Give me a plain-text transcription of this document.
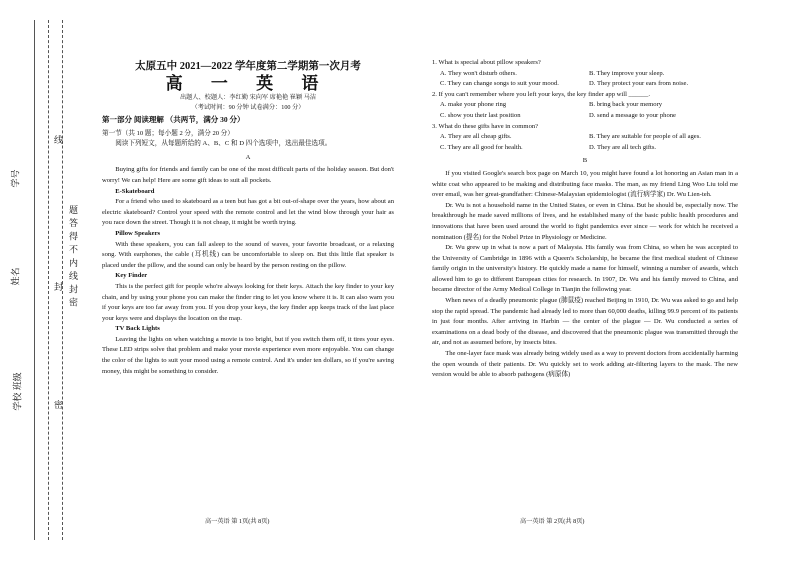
学号
姓名
学校 班级
线
封
密
题 答 得 不 内 线 封 密
太原五中 2021—2022 学年度第二学期第一次月考
高 一 英 语
出题人、校题人：李红勤 宋向军 席艳艳 崔颖 马洁
（考试时间：90 分钟 试卷满分：100 分）
第一部分 阅读理解 （共两节，满分 30 分）

第一节（共 10 题；每小题 2 分，满分 20 分）

阅读下列短文，从每题所给的 A、B、C 和 D 四个选项中，选出最佳选项。

A

Buying gifts for friends and family can be one of the most difficult parts of the holiday season. But don't worry! We can help! Here are some gift ideas to suit all pockets.

E-Skateboard

For a friend who used to skateboard as a teen but has got a bit out-of-shape over the years, how about an electric skateboard? Control your speed with the remote control and let the wind blow through your hair as you race down the street. Though it is not cheap, it might be worth trying.

Pillow Speakers

With these speakers, you can fall asleep to the sound of waves, your favorite broadcast, or a relaxing song. With earphones, the cable (耳机线) can be uncomfortable to sleep on. But this little flat speaker is placed under the pillow, and the sound can only be heard by the person resting on the pillow.

Key Finder

This is the perfect gift for people who're always looking for their keys. Attach the key finder to your key chain, and by using your phone you can make the finder ring to let you know where it is. It can also warn you if your keys are too far away from you. If you drop your keys, the key finder app keeps track of the last place your keys were and displays the location on the map.

TV Back Lights

Leaving the lights on when watching a movie is too bright, but if you switch them off, it tires your eyes. These LED strips solve that problem and make your movie experience even more enjoyable. You can change the color of the lights to suit your mood using a remote control. And it's under ten dollars, so if you're saving money, this might be something to consider.

高一英语 第 1页(共 8页)

1. What is special about pillow speakers?

A. They won't disturb others.	B. They improve your sleep.
C. They can change songs to suit your mood.	D. They protect your ears from noise.

2. If you can't remember where you left your keys, the key finder app will ______.

A. make your phone ring	B. bring back your memory
C. show you their last position	D. send a message to your phone

3. What do these gifts have in common?

A. They are all cheap gifts.	B. They are suitable for people of all ages.
C. They are all good for health.	D. They are all tech gifts.
B

If you visited Google's search box page on March 10, you might have found a lot honoring an Asian man in a white coat who appeared to be making and distributing face masks. The man, as my friend Ling Woo Liu told me over email, was her great-grandfather: Chinese-Malaysian epidemiologist (流行病学家) Dr. Wu Lien-teh.

Dr. Wu is not a household name in the United States, or even in China. But he should be, especially now. The breakthrough he made saved millions of lives, and he established many of the basic public health procedures and innovations that have been used around the world to fight pandemics ever since — work for which he received a nomination (提名) for the Nobel Prize in Physiology or Medicine.

Dr. Wu grew up in what is now a part of Malaysia. His family was from China, so when he was accepted to the University of Cambridge in 1896 with a Queen's Scholarship, he became the first medical student of Chinese family origin in the university's history. He quickly made a name for himself, winning a number of awards, which allowed him to go to different European cities for research. In 1907, Dr. Wu and his family moved to China, and became director of the Army Medical College in Tianjin the following year.

When news of a deadly pneumonic plague (肺鼠疫) reached Beijing in 1910, Dr. Wu was asked to go and help stop the rapid spread. The pandemic had already led to more than 60,000 deaths, killing 99.9 percent of its patients in just four months. After arriving in Harbin — the center of the plague — Dr. Wu conducted a series of examinations on a dead body of the disease, and discovered that the pneumonic plague was transmitted through the air, and not as assumed before, by insects bites.

The one-layer face mask was already being widely used as a way to prevent doctors from accidentally harming the open wounds of their patients. Dr. Wu quickly set to work adding air-filtering layers to the mask. The new version would be able to absorb pathogens (病原体)

高一英语 第 2页(共 8页)
